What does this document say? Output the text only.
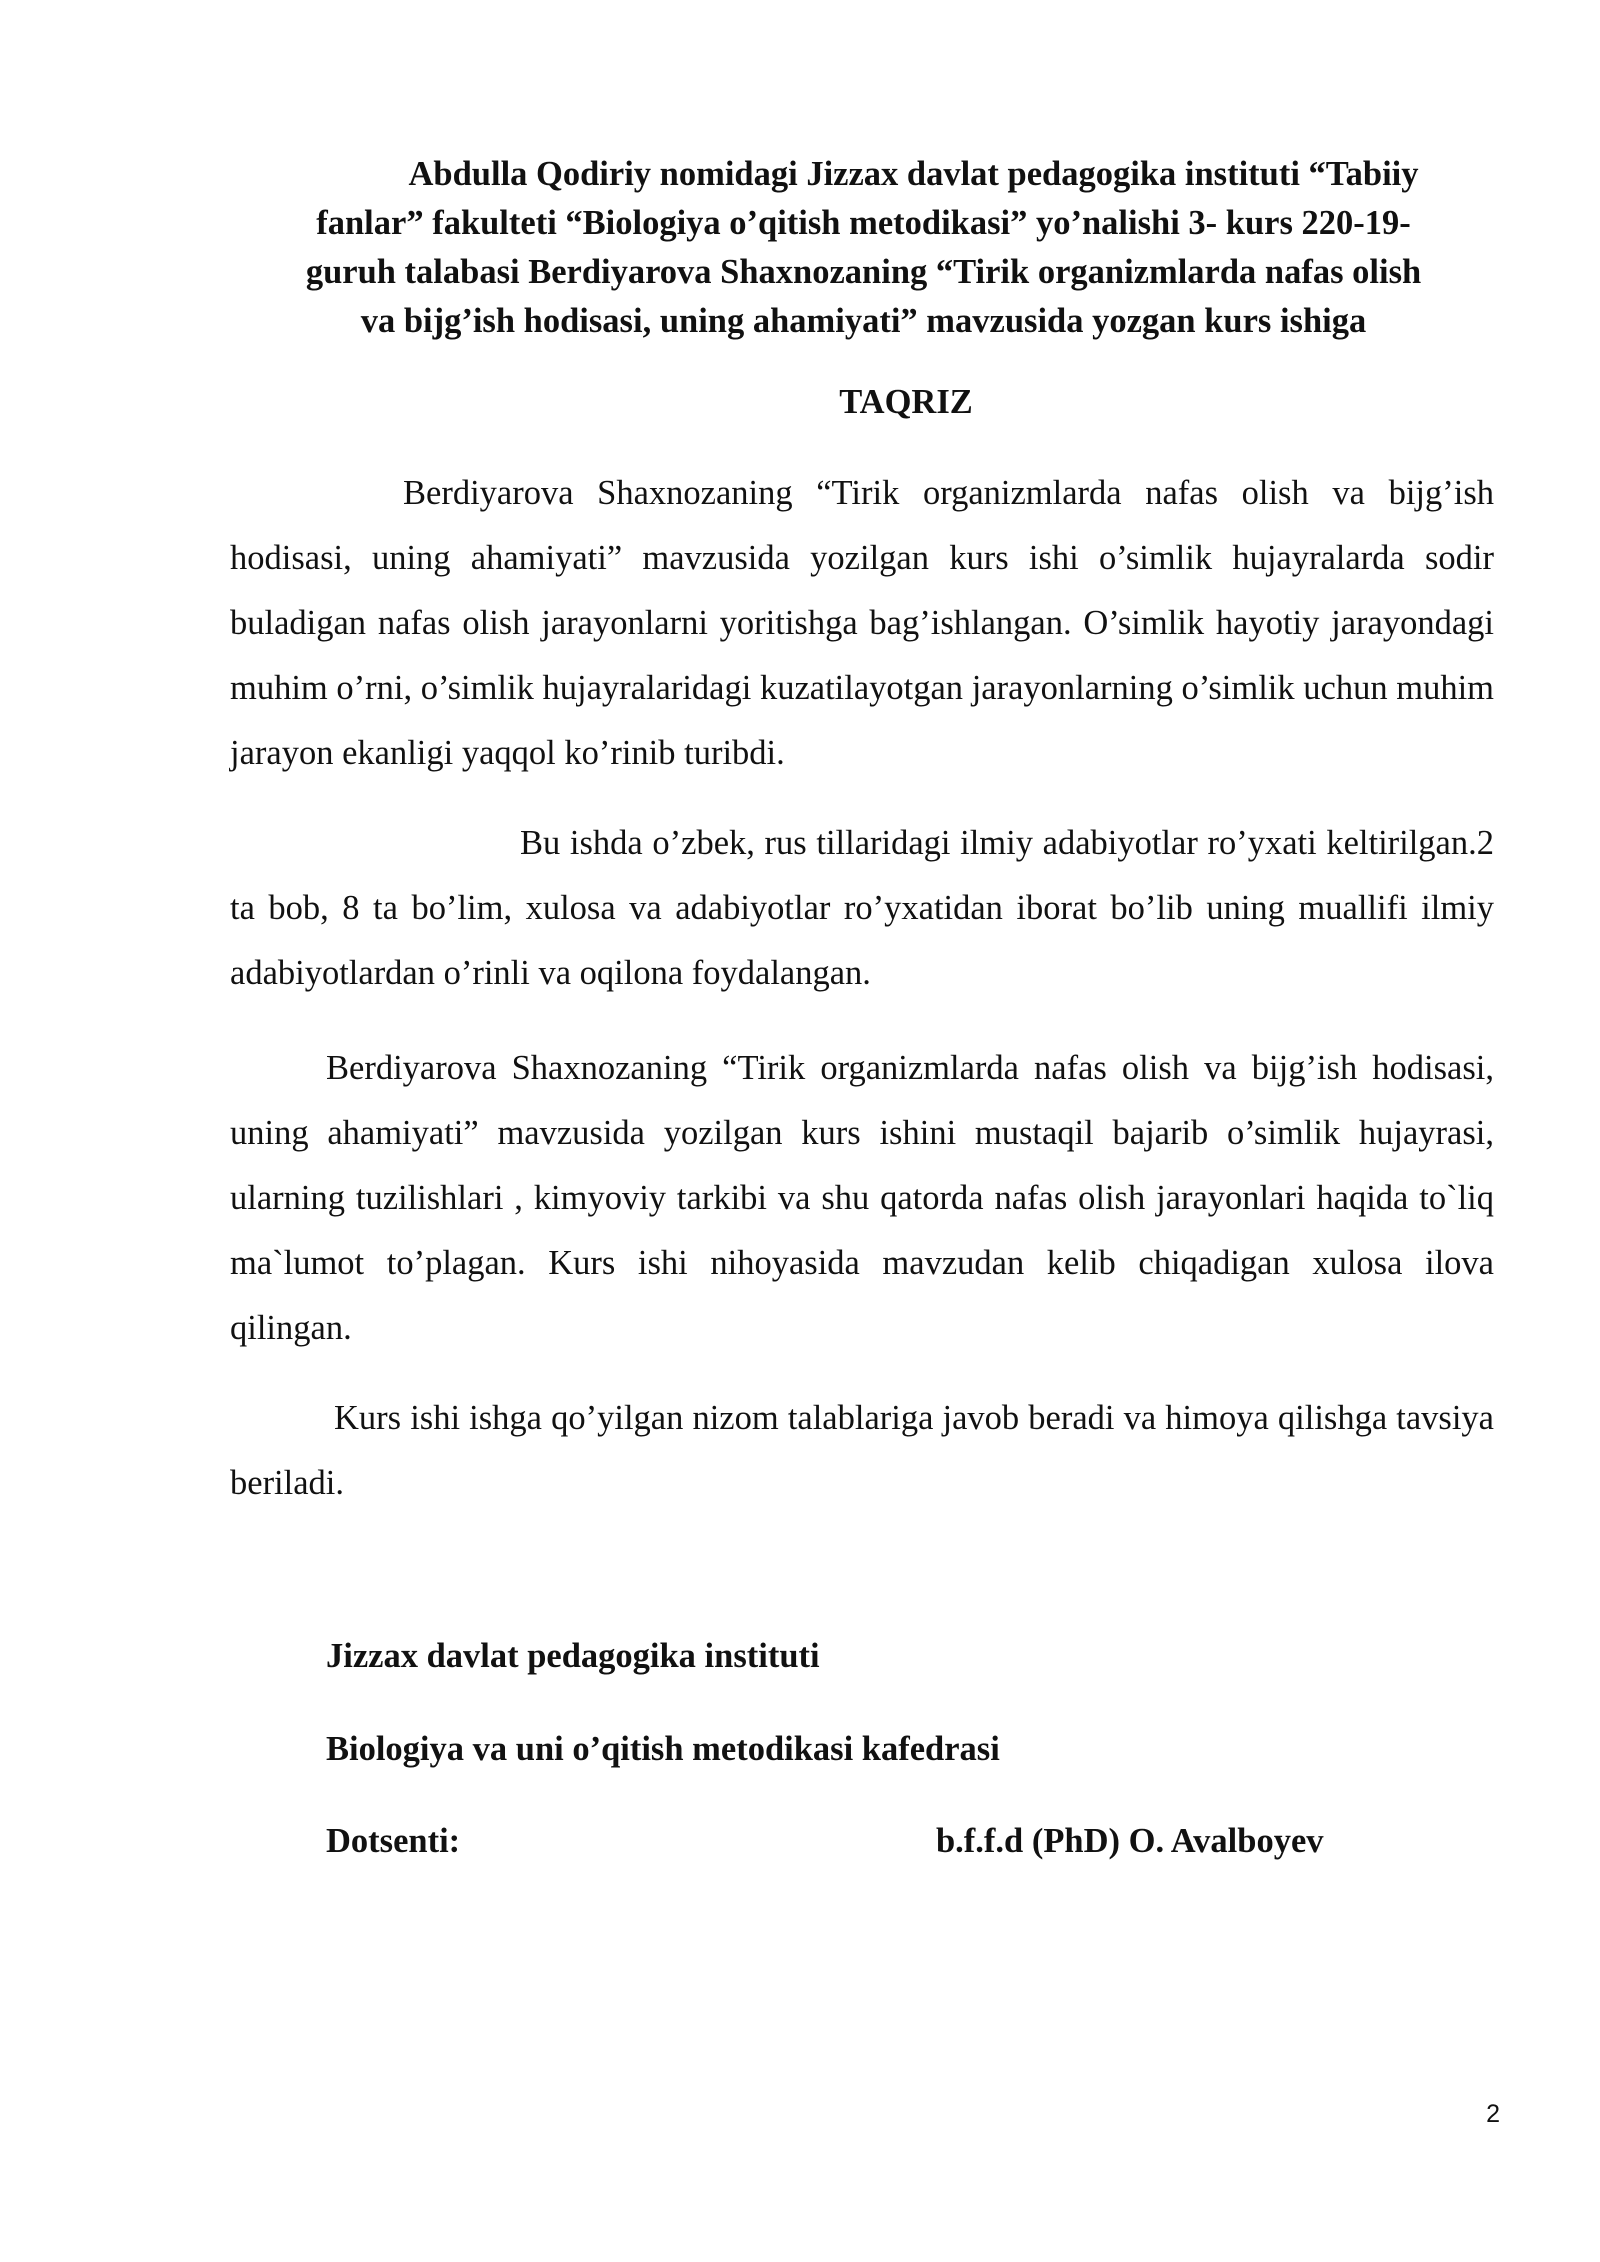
Abdulla Qodiriy nomidagi Jizzax davlat pedagogika instituti “Tabiiy
fanlar” fakulteti “Biologiya o’qitish metodikasi” yo’nalishi 3- kurs 220-19-
guruh talabasi Berdiyarova Shaxnozaning “Tirik organizmlarda nafas olish
va bijg’ish hodisasi, uning ahamiyati” mavzusida yozgan kurs ishiga

TAQRIZ

Berdiyarova Shaxnozaning “Tirik organizmlarda nafas olish va bijg’ish hodisasi, uning ahamiyati” mavzusida yozilgan kurs ishi o’simlik hujayralarda sodir buladigan nafas olish jarayonlarni yoritishga bag’ishlangan. O’simlik hayotiy jarayondagi muhim o’rni, o’simlik hujayralaridagi kuzatilayotgan jarayonlarning o’simlik uchun muhim jarayon ekanligi yaqqol ko’rinib turibdi.

Bu ishda o’zbek, rus tillaridagi ilmiy adabiyotlar ro’yxati keltirilgan.2 ta bob, 8 ta bo’lim, xulosa va adabiyotlar ro’yxatidan iborat bo’lib uning muallifi ilmiy adabiyotlardan o’rinli va oqilona foydalangan.

Berdiyarova Shaxnozaning “Tirik organizmlarda nafas olish va bijg’ish hodisasi, uning ahamiyati” mavzusida yozilgan kurs ishini mustaqil bajarib o’simlik hujayrasi, ularning tuzilishlari , kimyoviy tarkibi va shu qatorda nafas olish jarayonlari haqida to`liq ma`lumot to’plagan. Kurs ishi nihoyasida mavzudan kelib chiqadigan xulosa ilova qilingan.

Kurs ishi ishga qo’yilgan nizom talablariga javob beradi va himoya qilishga tavsiya beriladi.

Jizzax davlat pedagogika instituti

Biologiya va uni o’qitish metodikasi kafedrasi

Dotsenti:	b.f.f.d (PhD) O. Avalboyev

2
